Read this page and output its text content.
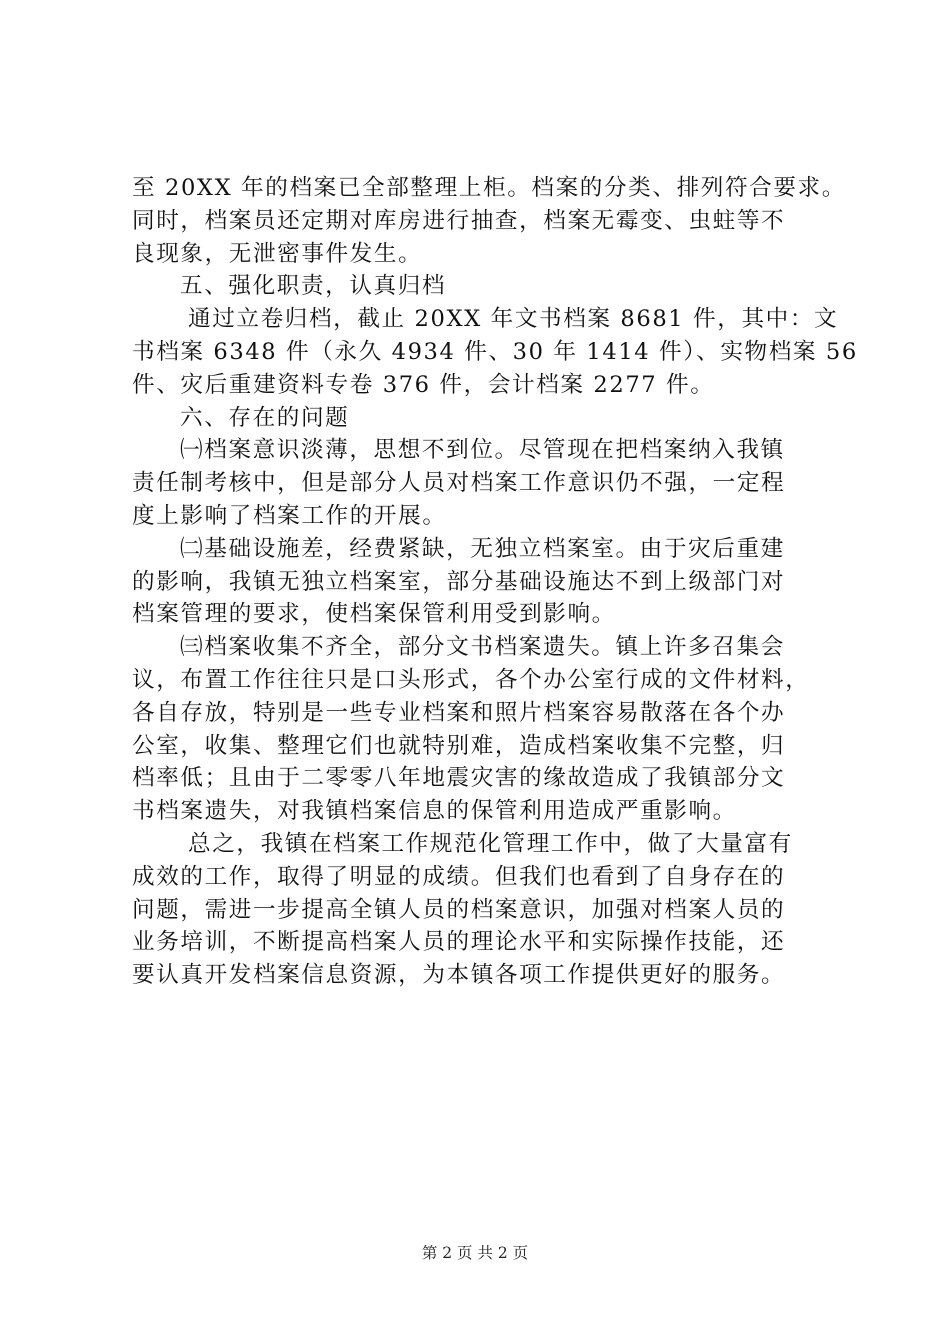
至 20XX 年的档案已全部整理上柜。档案的分类、排列符合要求。
同时，档案员还定期对库房进行抽查，档案无霉变、虫蛀等不
良现象，无泄密事件发生。
五、强化职责，认真归档
通过立卷归档，截止 20XX 年文书档案 8681 件，其中：文
书档案 6348 件（永久 4934 件、30 年 1414 件）、实物档案 56
件、灾后重建资料专卷 376 件，会计档案 2277 件。
六、存在的问题
㈠档案意识淡薄，思想不到位。尽管现在把档案纳入我镇
责任制考核中，但是部分人员对档案工作意识仍不强，一定程
度上影响了档案工作的开展。
㈡基础设施差，经费紧缺，无独立档案室。由于灾后重建
的影响，我镇无独立档案室，部分基础设施达不到上级部门对
档案管理的要求，使档案保管利用受到影响。
㈢档案收集不齐全，部分文书档案遗失。镇上许多召集会
议，布置工作往往只是口头形式，各个办公室行成的文件材料，
各自存放，特别是一些专业档案和照片档案容易散落在各个办
公室，收集、整理它们也就特别难，造成档案收集不完整，归
档率低；且由于二零零八年地震灾害的缘故造成了我镇部分文
书档案遗失，对我镇档案信息的保管利用造成严重影响。
总之，我镇在档案工作规范化管理工作中，做了大量富有
成效的工作，取得了明显的成绩。但我们也看到了自身存在的
问题，需进一步提高全镇人员的档案意识，加强对档案人员的
业务培训，不断提高档案人员的理论水平和实际操作技能，还
要认真开发档案信息资源，为本镇各项工作提供更好的服务。
第 2 页 共 2 页
